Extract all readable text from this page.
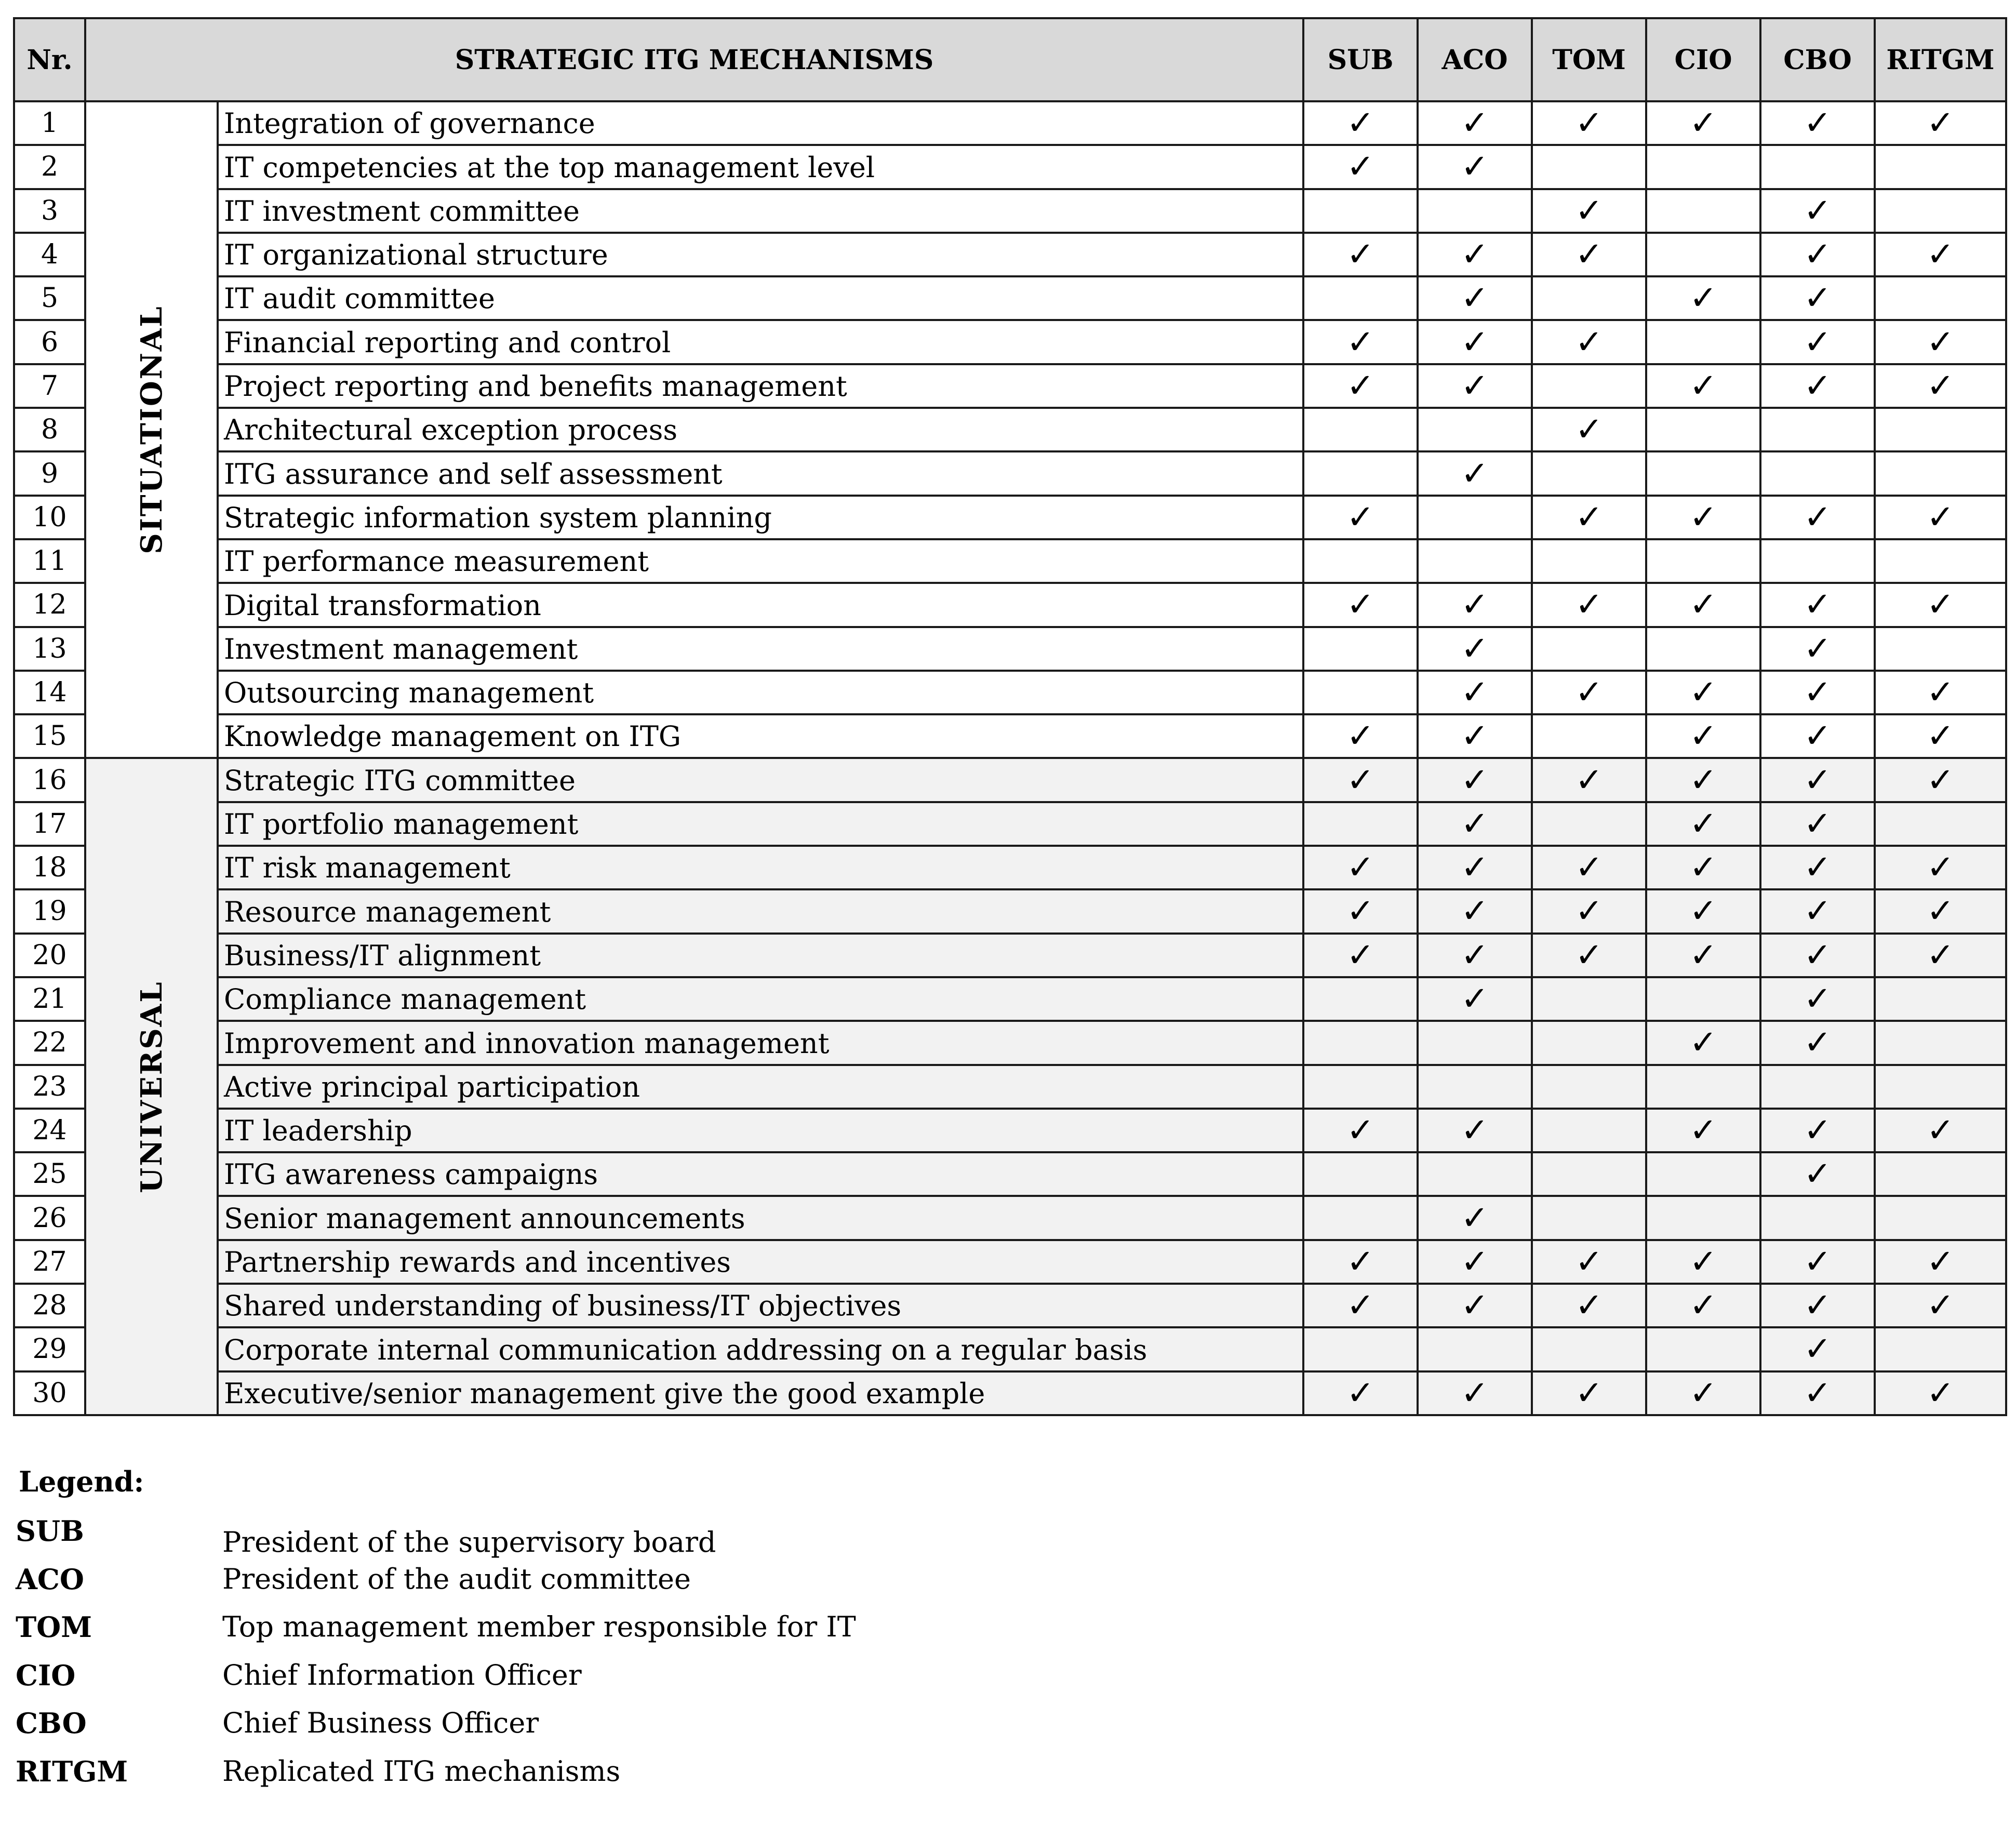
Nr.	STRATEGIC ITG MECHANISMS		SUB	ACO	TOM	CIO	CBO	RITGM
1	SITUATIONAL	Integration of governance	✓	✓	✓	✓	✓	✓
2		IT competencies at the top management level	✓	✓				
3		IT investment committee			✓		✓	
4		IT organizational structure	✓	✓	✓		✓	✓
5		IT audit committee		✓		✓	✓	
6		Financial reporting and control	✓	✓	✓		✓	✓
7		Project reporting and benefits management	✓	✓		✓	✓	✓
8		Architectural exception process			✓			
9		ITG assurance and self assessment		✓				
10		Strategic information system planning	✓		✓	✓	✓	✓
11		IT performance measurement						
12		Digital transformation	✓	✓	✓	✓	✓	✓
13		Investment management		✓			✓	
14		Outsourcing management		✓	✓	✓	✓	✓
15		Knowledge management on ITG	✓	✓		✓	✓	✓
16	UNIVERSAL	Strategic ITG committee	✓	✓	✓	✓	✓	✓
17		IT portfolio management		✓		✓	✓	
18		IT risk management	✓	✓	✓	✓	✓	✓
19		Resource management	✓	✓	✓	✓	✓	✓
20		Business/IT alignment	✓	✓	✓	✓	✓	✓
21		Compliance management		✓			✓	
22		Improvement and innovation management				✓	✓	
23		Active principal participation						
24		IT leadership	✓	✓		✓	✓	✓
25		ITG awareness campaigns					✓	
26		Senior management announcements		✓				
27		Partnership rewards and incentives	✓	✓	✓	✓	✓	✓
28		Shared understanding of business/IT objectives	✓	✓	✓	✓	✓	✓
29		Corporate internal communication addressing on a regular basis					✓	
30		Executive/senior management give the good example	✓	✓	✓	✓	✓	✓
Legend:
SUB	President of the supervisory board
ACO	President of the audit committee
TOM	Top management member responsible for IT
CIO	Chief Information Officer
CBO	Chief Business Officer
RITGM	Replicated ITG mechanisms
